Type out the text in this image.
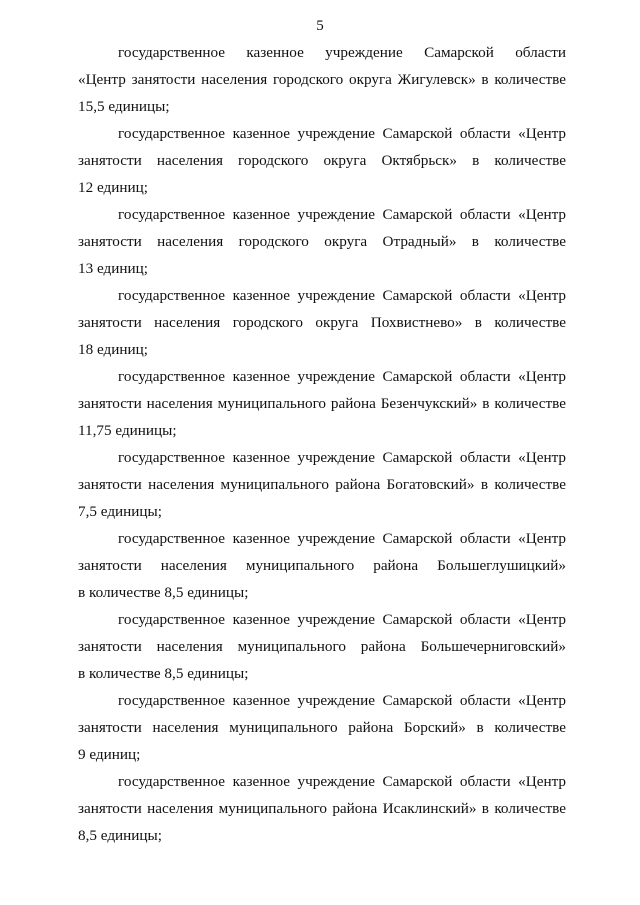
5
государственное казенное учреждение Самарской области
«Центр занятости населения городского округа Жигулевск» в количестве
15,5 единицы;
государственное казенное учреждение Самарской области «Центр
занятости населения городского округа Октябрьск» в количестве
12 единиц;
государственное казенное учреждение Самарской области «Центр
занятости населения городского округа Отрадный» в количестве
13 единиц;
государственное казенное учреждение Самарской области «Центр
занятости населения городского округа Похвистнево» в количестве
18 единиц;
государственное казенное учреждение Самарской области «Центр
занятости населения муниципального района Безенчукский» в количестве
11,75 единицы;
государственное казенное учреждение Самарской области «Центр
занятости населения муниципального района Богатовский» в количестве
7,5 единицы;
государственное казенное учреждение Самарской области «Центр
занятости населения муниципального района Большеглушицкий»
в количестве 8,5 единицы;
государственное казенное учреждение Самарской области «Центр
занятости населения муниципального района Большечерниговский»
в количестве 8,5 единицы;
государственное казенное учреждение Самарской области «Центр
занятости населения муниципального района Борский» в количестве
9 единиц;
государственное казенное учреждение Самарской области «Центр
занятости населения муниципального района Исаклинский» в количестве
8,5 единицы;
